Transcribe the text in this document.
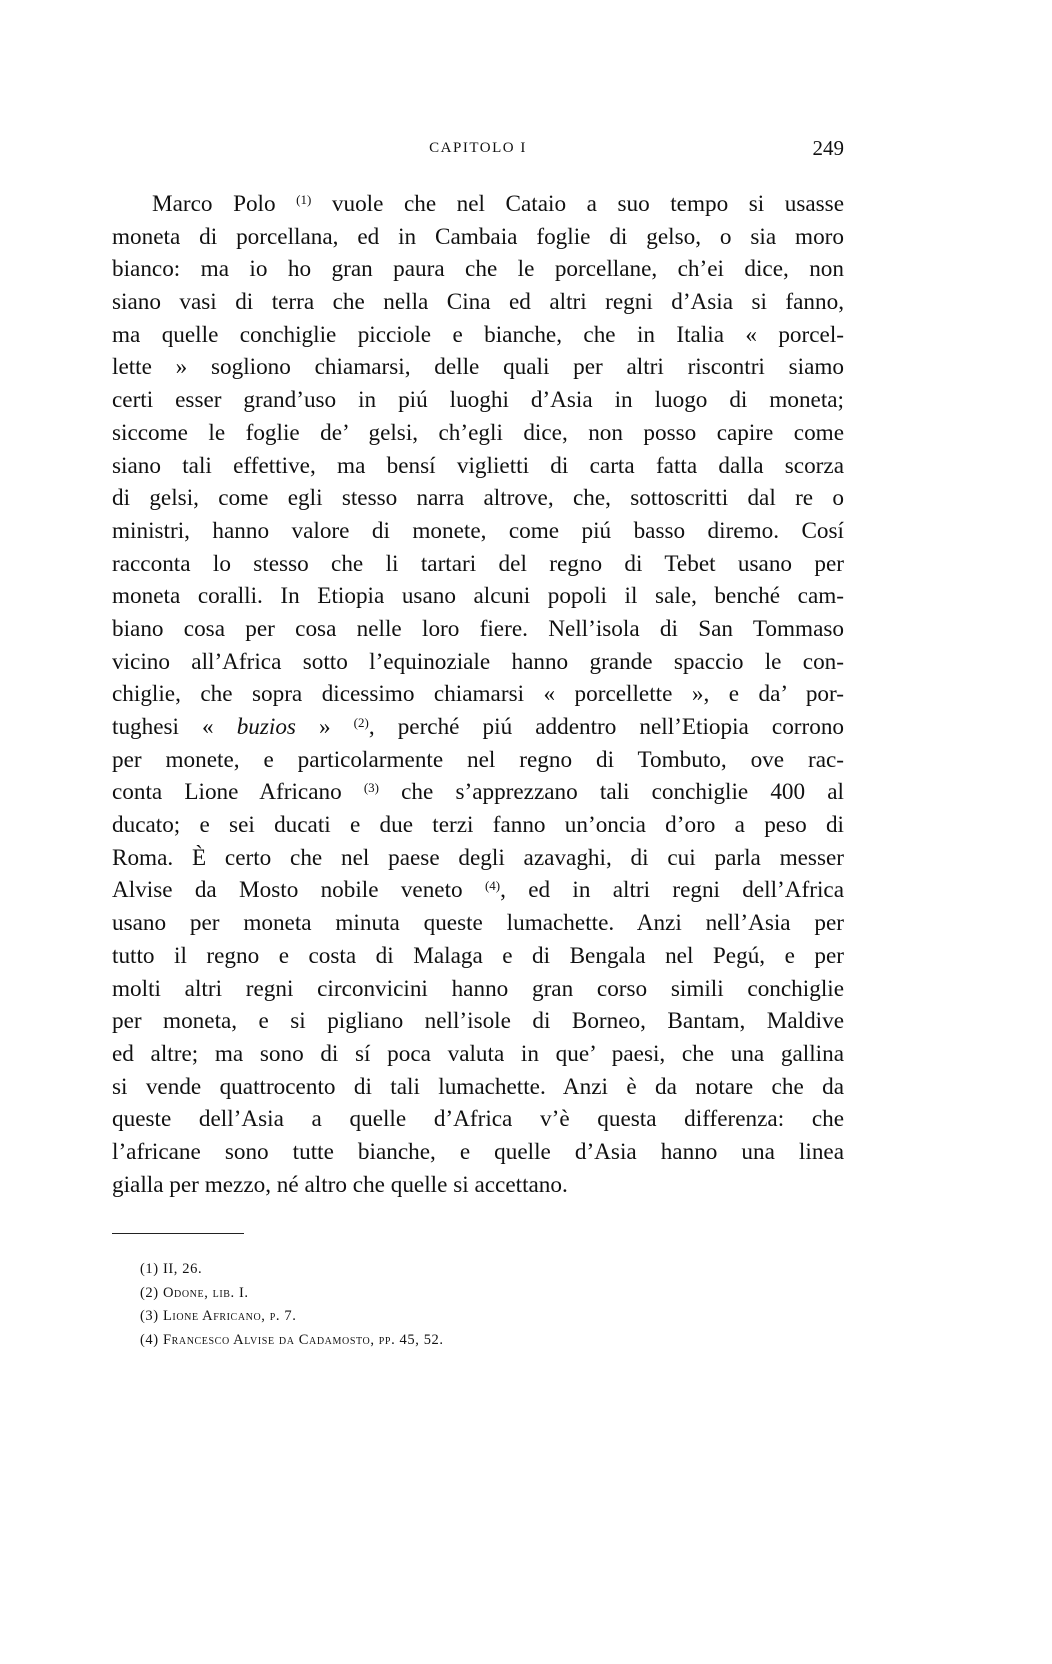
CAPITOLO I	249
Marco Polo $^{(1)}$ vuole che nel Cataio a suo tempo si usasse
moneta di porcellana, ed in Cambaia foglie di gelso, o sia moro
bianco: ma io ho gran paura che le porcellane, ch’ei dice, non
siano vasi di terra che nella Cina ed altri regni d’Asia si fanno,
ma quelle conchiglie picciole e bianche, che in Italia « porcel-
lette » sogliono chiamarsi, delle quali per altri riscontri siamo
certi esser grand’uso in piú luoghi d’Asia in luogo di moneta;
siccome le foglie de’ gelsi, ch’egli dice, non posso capire come
siano tali effettive, ma bensí viglietti di carta fatta dalla scorza
di gelsi, come egli stesso narra altrove, che, sottoscritti dal re o
ministri, hanno valore di monete, come piú basso diremo. Cosí
racconta lo stesso che li tartari del regno di Tebet usano per
moneta coralli. In Etiopia usano alcuni popoli il sale, benché cam-
biano cosa per cosa nelle loro fiere. Nell’isola di San Tommaso
vicino all’Africa sotto l’equinoziale hanno grande spaccio le con-
chiglie, che sopra dicessimo chiamarsi « porcellette », e da’ por-
tughesi « buzios » $^{(2)}$, perché piú addentro nell’Etiopia corrono
per monete, e particolarmente nel regno di Tombuto, ove rac-
conta Lione Africano $^{(3)}$ che s’apprezzano tali conchiglie 400 al
ducato; e sei ducati e due terzi fanno un’oncia d’oro a peso di
Roma. È certo che nel paese degli azavaghi, di cui parla messer
Alvise da Mosto nobile veneto $^{(4)}$, ed in altri regni dell’Africa
usano per moneta minuta queste lumachette. Anzi nell’Asia per
tutto il regno e costa di Malaga e di Bengala nel Pegú, e per
molti altri regni circonvicini hanno gran corso simili conchiglie
per moneta, e si pigliano nell’isole di Borneo, Bantam, Maldive
ed altre; ma sono di sí poca valuta in que’ paesi, che una gallina
si vende quattrocento di tali lumachette. Anzi è da notare che da
queste dell’Asia a quelle d’Africa v’è questa differenza: che
l’africane sono tutte bianche, e quelle d’Asia hanno una linea
gialla per mezzo, né altro che quelle si accettano.
(1) II, 26.
(2) Odone, lib. I.
(3) Lione Africano, p. 7.
(4) Francesco Alvise da Cadamosto, pp. 45, 52.
